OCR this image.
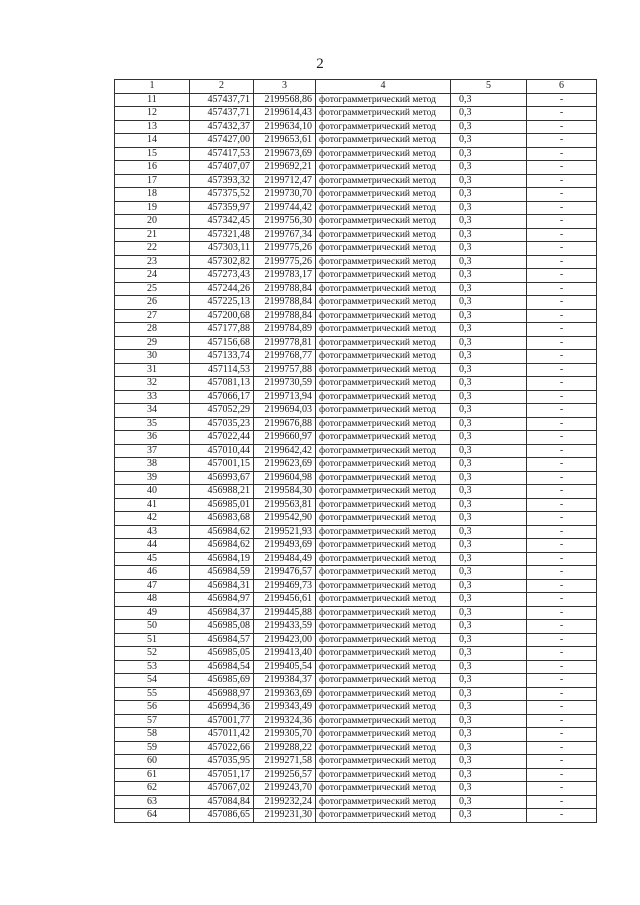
2
1	2	3	4	5	6
11	457437,71	2199568,86	фотограмметрический метод	0,3	-
12	457437,71	2199614,43	фотограмметрический метод	0,3	-
13	457432,37	2199634,10	фотограмметрический метод	0,3	-
14	457427,00	2199653,61	фотограмметрический метод	0,3	-
15	457417,53	2199673,69	фотограмметрический метод	0,3	-
16	457407,07	2199692,21	фотограмметрический метод	0,3	-
17	457393,32	2199712,47	фотограмметрический метод	0,3	-
18	457375,52	2199730,70	фотограмметрический метод	0,3	-
19	457359,97	2199744,42	фотограмметрический метод	0,3	-
20	457342,45	2199756,30	фотограмметрический метод	0,3	-
21	457321,48	2199767,34	фотограмметрический метод	0,3	-
22	457303,11	2199775,26	фотограмметрический метод	0,3	-
23	457302,82	2199775,26	фотограмметрический метод	0,3	-
24	457273,43	2199783,17	фотограмметрический метод	0,3	-
25	457244,26	2199788,84	фотограмметрический метод	0,3	-
26	457225,13	2199788,84	фотограмметрический метод	0,3	-
27	457200,68	2199788,84	фотограмметрический метод	0,3	-
28	457177,88	2199784,89	фотограмметрический метод	0,3	-
29	457156,68	2199778,81	фотограмметрический метод	0,3	-
30	457133,74	2199768,77	фотограмметрический метод	0,3	-
31	457114,53	2199757,88	фотограмметрический метод	0,3	-
32	457081,13	2199730,59	фотограмметрический метод	0,3	-
33	457066,17	2199713,94	фотограмметрический метод	0,3	-
34	457052,29	2199694,03	фотограмметрический метод	0,3	-
35	457035,23	2199676,88	фотограмметрический метод	0,3	-
36	457022,44	2199660,97	фотограмметрический метод	0,3	-
37	457010,44	2199642,42	фотограмметрический метод	0,3	-
38	457001,15	2199623,69	фотограмметрический метод	0,3	-
39	456993,67	2199604,98	фотограмметрический метод	0,3	-
40	456988,21	2199584,30	фотограмметрический метод	0,3	-
41	456985,01	2199563,81	фотограмметрический метод	0,3	-
42	456983,68	2199542,90	фотограмметрический метод	0,3	-
43	456984,62	2199521,93	фотограмметрический метод	0,3	-
44	456984,62	2199493,69	фотограмметрический метод	0,3	-
45	456984,19	2199484,49	фотограмметрический метод	0,3	-
46	456984,59	2199476,57	фотограмметрический метод	0,3	-
47	456984,31	2199469,73	фотограмметрический метод	0,3	-
48	456984,97	2199456,61	фотограмметрический метод	0,3	-
49	456984,37	2199445,88	фотограмметрический метод	0,3	-
50	456985,08	2199433,59	фотограмметрический метод	0,3	-
51	456984,57	2199423,00	фотограмметрический метод	0,3	-
52	456985,05	2199413,40	фотограмметрический метод	0,3	-
53	456984,54	2199405,54	фотограмметрический метод	0,3	-
54	456985,69	2199384,37	фотограмметрический метод	0,3	-
55	456988,97	2199363,69	фотограмметрический метод	0,3	-
56	456994,36	2199343,49	фотограмметрический метод	0,3	-
57	457001,77	2199324,36	фотограмметрический метод	0,3	-
58	457011,42	2199305,70	фотограмметрический метод	0,3	-
59	457022,66	2199288,22	фотограмметрический метод	0,3	-
60	457035,95	2199271,58	фотограмметрический метод	0,3	-
61	457051,17	2199256,57	фотограмметрический метод	0,3	-
62	457067,02	2199243,70	фотограмметрический метод	0,3	-
63	457084,84	2199232,24	фотограмметрический метод	0,3	-
64	457086,65	2199231,30	фотограмметрический метод	0,3	-
